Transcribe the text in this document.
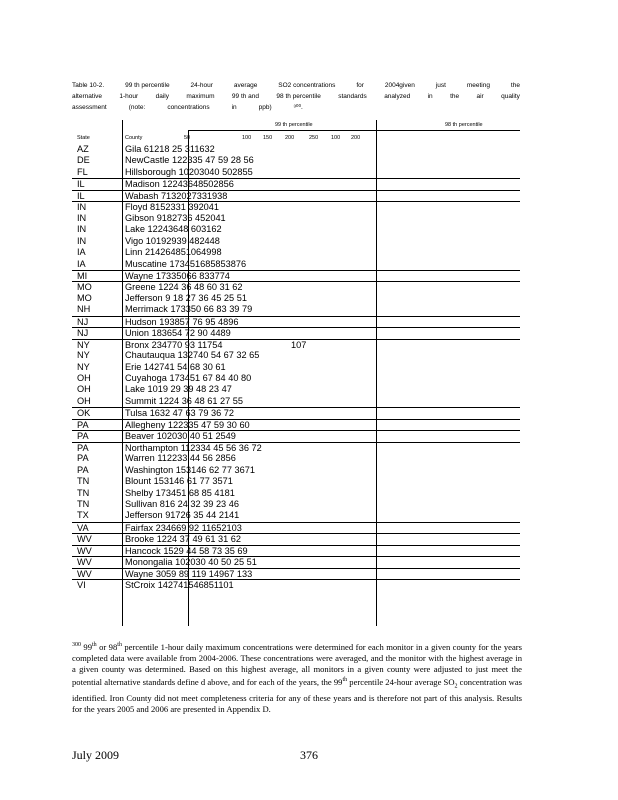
Table 10-2.	99 th percentile	24-hour	average	SO2 concentrations	for	2004given	just	meeting	the
alternative	1-hour	daily	maximum	99 th and	98 th percentile	standards	analyzed	in	the	air	quality
assessment	(note:	concentrations	in	ppb)	³⁰⁰.
99 th percentile	98 th percentile
State	County	50	100 150 200	250 100 200
AZ	Gila 61218 25 311632
DE	NewCastle 122335 47 59 28 56
FL	Hillsborough 10203040 502855
IL	Madison 12243648502856
IL	Wabash 7132027331938
IN	Floyd 8152331 392041
IN	Gibson 9182736 452041
IN	Lake 12243648 603162
IN	Vigo 10192939 482448
IA	Linn 214264851064998
IA	Muscatine 173451685853876
MI	Wayne 17335066 833774
MO	Greene 1224 36 48 60 31 62
MO	Jefferson 9 18 27 36 45 25 51
NH	Merrimack 173350 66 83 39 79
NJ	Hudson 193857 76 95 4896
NJ	Union 183654 72 90 4489
NY	Bronx 234770 93 11754	107
NY	Chautauqua 132740 54 67 32 65
NY	Erie 142741 54 68 30 61
OH	Cuyahoga 173451 67 84 40 80
OH	Lake 1019 29 39 48 23 47
OH	Summit 1224 36 48 61 27 55
OK	Tulsa 1632 47 63 79 36 72
PA	Allegheny 122335 47 59 30 60
PA	Beaver 102030 40 51 2549
PA	Northampton 112334 45 56 36 72
PA	Warren 112233 44 56 2856
PA	Washington 153146 62 77 3671
TN	Blount 153146 61 77 3571
TN	Shelby 173451 68 85 4181
TN	Sullivan 816 24 32 39 23 46
TX	Jefferson 91726 35 44 2141
VA	Fairfax 234669 92 11652103
WV	Brooke 1224 37 49 61 31 62
WV	Hancock 1529 44 58 73 35 69
WV	Monongalia 102030 40 50 25 51
WV	Wayne 3059 89 119 14967 133
VI	StCroix 142741546851101
$^{300}$ 99th or 98th percentile 1-hour daily maximum concentrations were determined for each monitor in a given county for the years completed data were available from 2004-2006. These concentrations were averaged, and the monitor with the highest average in a given county was determined. Based on this highest average, all monitors in a given county were adjusted to just meet the potential alternative standards define d above, and for each of the years, the 99th percentile 24-hour average $SO_2$ concentration was identified. Iron County did not meet completeness criteria for any of these years and is therefore not part of this analysis. Results for the years 2005 and 2006 are presented in Appendix D.
July 2009	376
